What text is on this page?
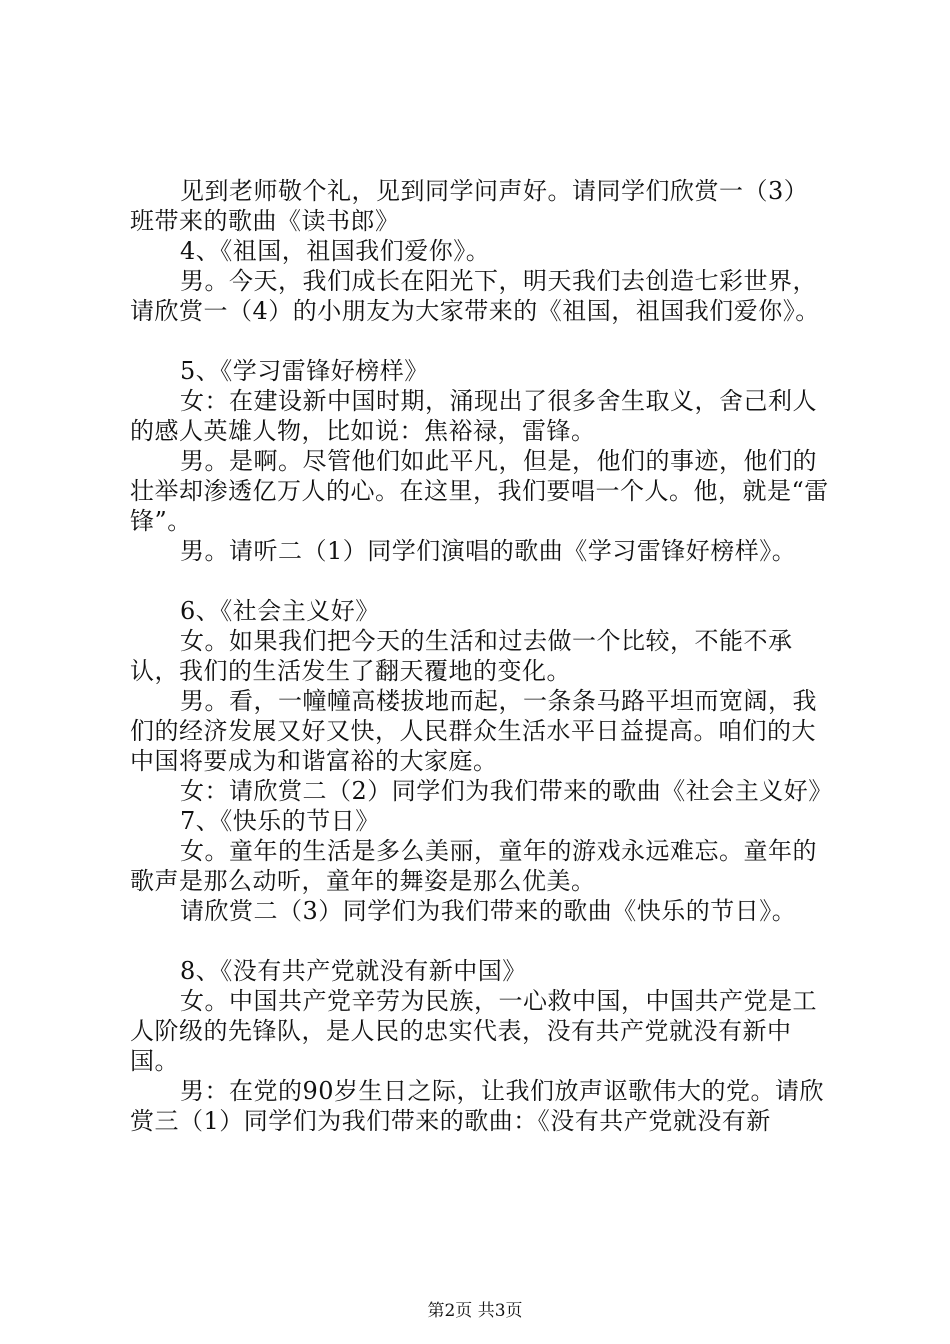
见到老师敬个礼，见到同学问声好。请同学们欣赏一（3）班带来的歌曲《读书郎》

4、《祖国，祖国我们爱你》。

男。今天，我们成长在阳光下，明天我们去创造七彩世界，请欣赏一（4）的小朋友为大家带来的《祖国，祖国我们爱你》。

5、《学习雷锋好榜样》

女：在建设新中国时期，涌现出了很多舍生取义，舍己利人的感人英雄人物，比如说：焦裕禄，雷锋。

男。是啊。尽管他们如此平凡，但是，他们的事迹，他们的壮举却渗透亿万人的心。在这里，我们要唱一个人。他，就是“雷锋”。

男。请听二（1）同学们演唱的歌曲《学习雷锋好榜样》。

6、《社会主义好》

女。如果我们把今天的生活和过去做一个比较，不能不承认，我们的生活发生了翻天覆地的变化。

男。看，一幢幢高楼拔地而起，一条条马路平坦而宽阔，我们的经济发展又好又快，人民群众生活水平日益提高。咱们的大中国将要成为和谐富裕的大家庭。

女：请欣赏二（2）同学们为我们带来的歌曲《社会主义好》

7、《快乐的节日》

女。童年的生活是多么美丽，童年的游戏永远难忘。童年的歌声是那么动听，童年的舞姿是那么优美。

请欣赏二（3）同学们为我们带来的歌曲《快乐的节日》。

8、《没有共产党就没有新中国》

女。中国共产党辛劳为民族，一心救中国，中国共产党是工人阶级的先锋队，是人民的忠实代表，没有共产党就没有新中国。

男：在党的90岁生日之际，让我们放声讴歌伟大的党。请欣赏三（1）同学们为我们带来的歌曲：《没有共产党就没有新

第2页 共3页
